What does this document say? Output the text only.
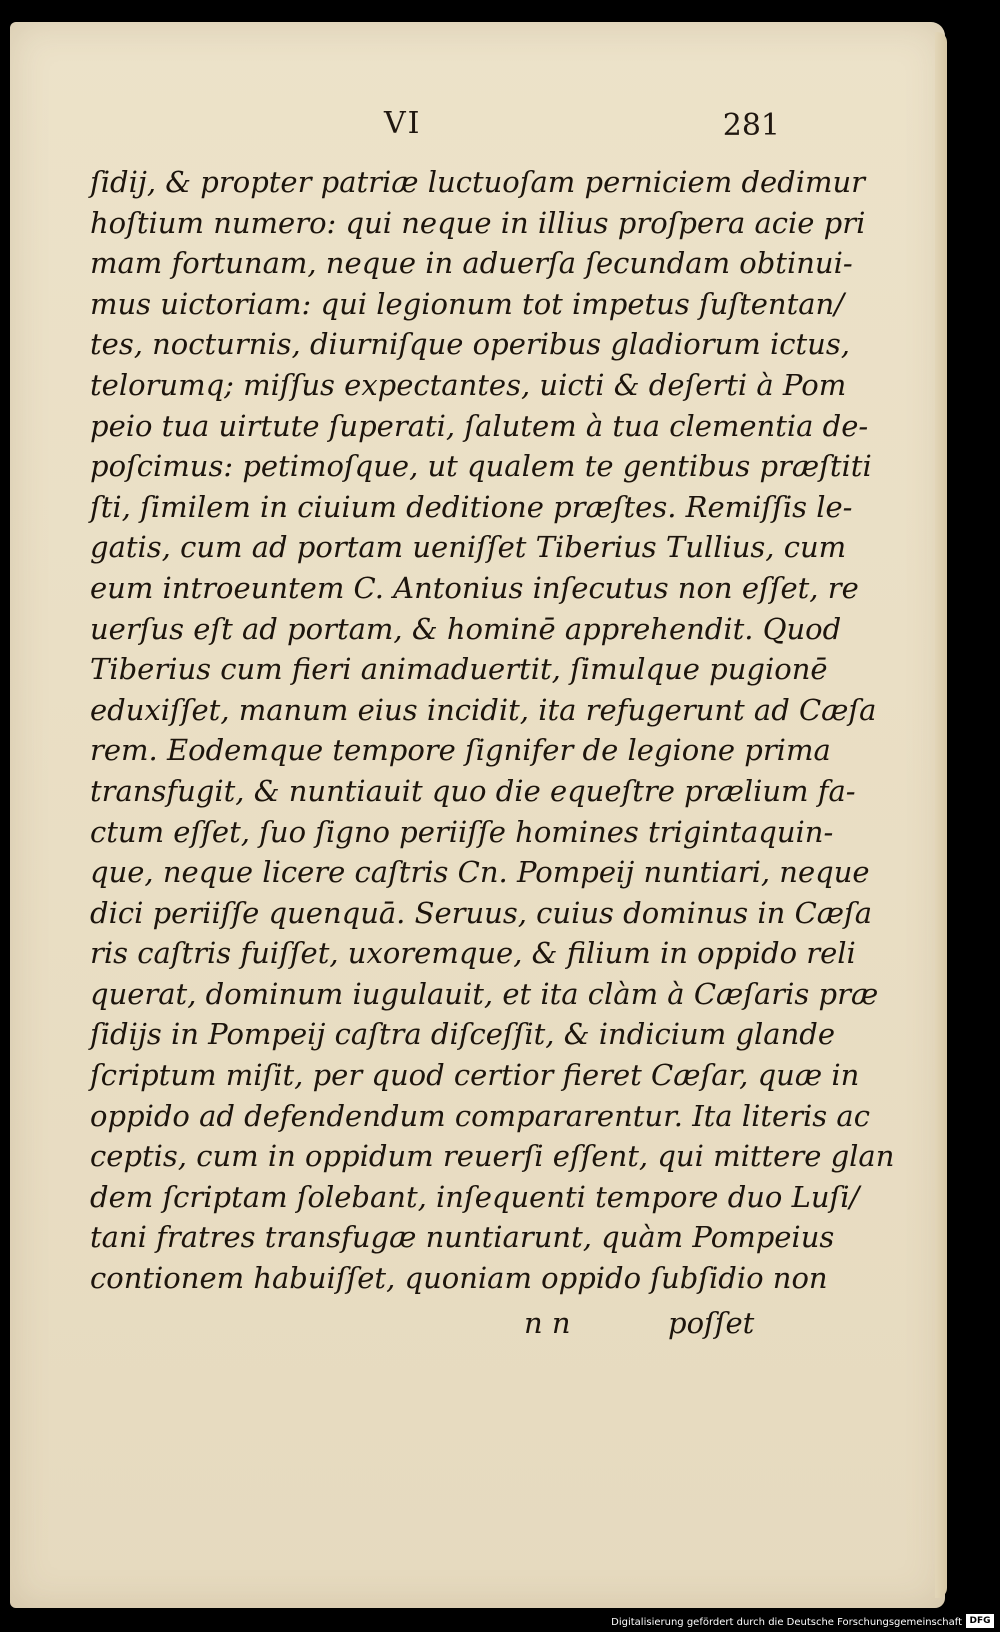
VI	281
ſidij, & propter patriæ luctuoſam perniciem dedimur
hoſtium numero: qui neque in illius proſpera acie pri
mam fortunam, neque in aduerſa ſecundam obtinui-
mus uictoriam: qui legionum tot impetus ſuſtentan/
tes, nocturnis, diurniſque operibus gladiorum ictus,
telorumq; miſſus expectantes, uicti & deſerti à Pom
peio tua uirtute ſuperati, ſalutem à tua clementia de-
poſcimus: petimoſque, ut qualem te gentibus præſtiti
ſti, ſimilem in ciuium deditione præſtes. Remiſſis le-
gatis, cum ad portam ueniſſet Tiberius Tullius, cum
eum introeuntem C. Antonius inſecutus non eſſet, re
uerſus eſt ad portam, & hominē apprehendit. Quod
Tiberius cum fieri animaduertit, ſimulque pugionē
eduxiſſet, manum eius incidit, ita refugerunt ad Cæſa
rem. Eodemque tempore ſignifer de legione prima
transfugit, & nuntiauit quo die equeſtre prælium fa-
ctum eſſet, ſuo ſigno periiſſe homines trigintaquin-
que, neque licere caſtris Cn. Pompeij nuntiari, neque
dici periiſſe quenquā. Seruus, cuius dominus in Cæſa
ris caſtris fuiſſet, uxoremque, & filium in oppido reli
querat, dominum iugulauit, et ita clàm à Cæſaris præ
ſidijs in Pompeij caſtra diſceſſit, & indicium glande
ſcriptum miſit, per quod certior fieret Cæſar, quæ in
oppido ad defendendum compararentur. Ita literis ac
ceptis, cum in oppidum reuerſi eſſent, qui mittere glan
dem ſcriptam ſolebant, inſequenti tempore duo Luſi/
tani fratres transfugæ nuntiarunt, quàm Pompeius
contionem habuiſſet, quoniam oppido ſubſidio non
n n	poſſet
Digitalisierung gefördert durch die Deutsche Forschungsgemeinschaft DFG
